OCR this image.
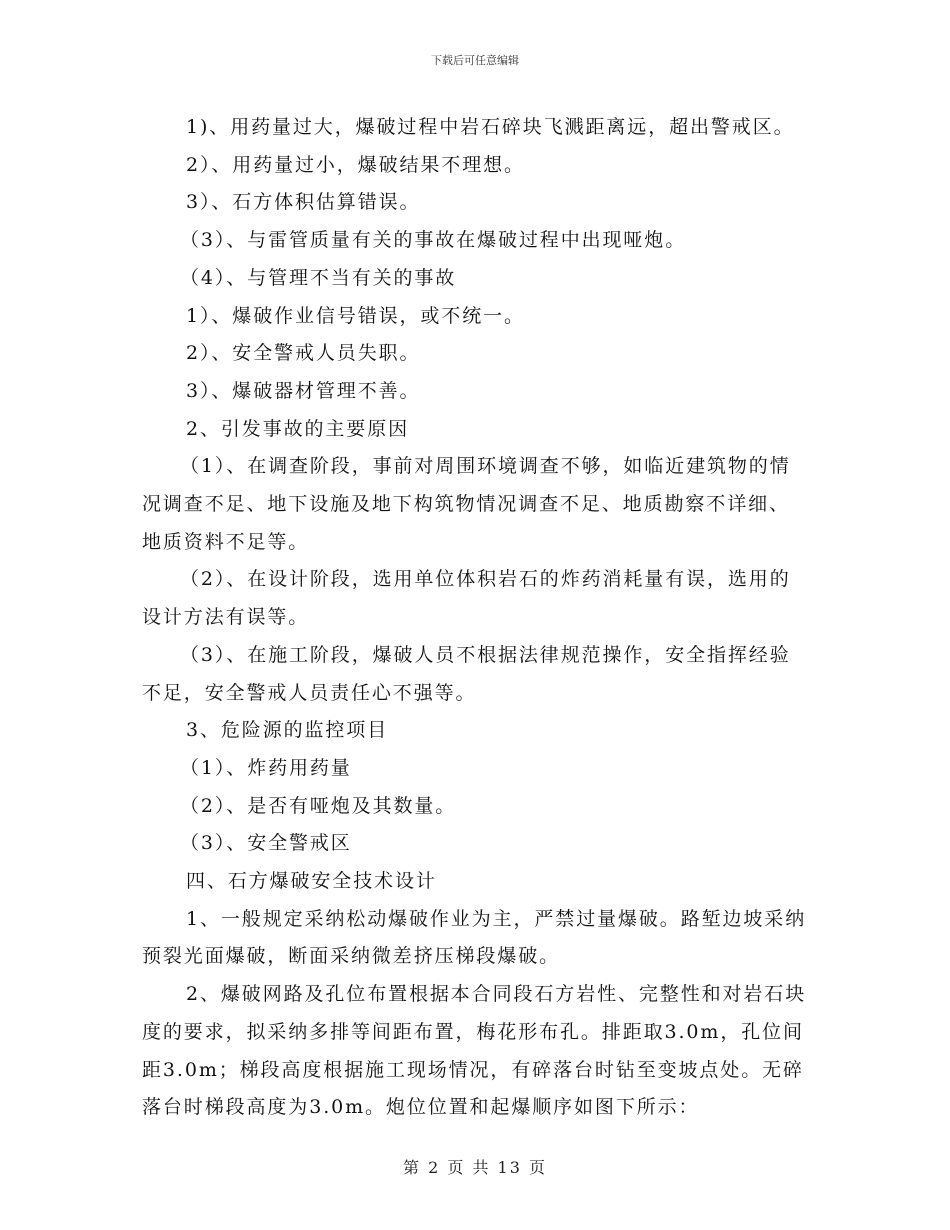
下载后可任意编辑

1)、用药量过大，爆破过程中岩石碎块飞溅距离远，超出警戒区。

2）、用药量过小，爆破结果不理想。

3）、石方体积估算错误。

（3）、与雷管质量有关的事故在爆破过程中出现哑炮。

（4）、与管理不当有关的事故

1）、爆破作业信号错误，或不统一。

2）、安全警戒人员失职。

3）、爆破器材管理不善。

2、引发事故的主要原因

（1）、在调查阶段，事前对周围环境调查不够，如临近建筑物的情况调查不足、地下设施及地下构筑物情况调查不足、地质勘察不详细、地质资料不足等。

（2）、在设计阶段，选用单位体积岩石的炸药消耗量有误，选用的设计方法有误等。

（3）、在施工阶段，爆破人员不根据法律规范操作，安全指挥经验不足，安全警戒人员责任心不强等。

3、危险源的监控项目

（1）、炸药用药量

（2）、是否有哑炮及其数量。

（3）、安全警戒区

四、石方爆破安全技术设计

1、一般规定采纳松动爆破作业为主，严禁过量爆破。路堑边坡采纳预裂光面爆破，断面采纳微差挤压梯段爆破。

2、爆破网路及孔位布置根据本合同段石方岩性、完整性和对岩石块度的要求，拟采纳多排等间距布置，梅花形布孔。排距取3.0m，孔位间距3.0m；梯段高度根据施工现场情况，有碎落台时钻至变坡点处。无碎落台时梯段高度为3.0m。炮位位置和起爆顺序如图下所示：

第 2 页 共 13 页
